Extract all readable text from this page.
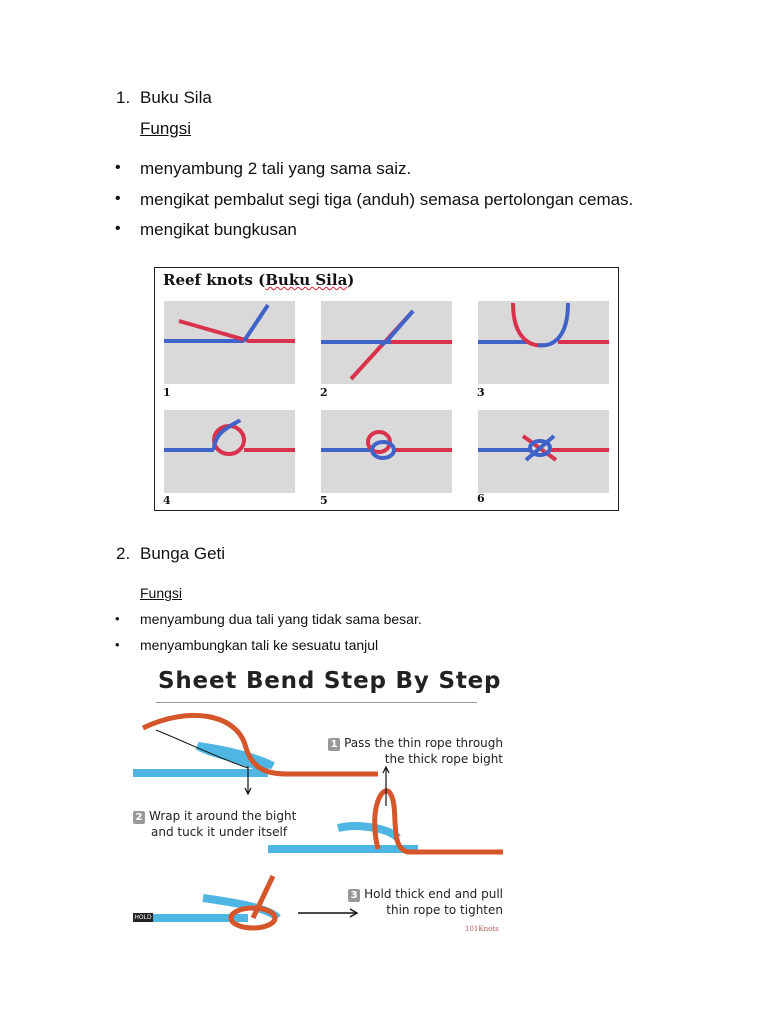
1. Buku Sila
Fungsi
• menyambung 2 tali yang sama saiz.
• mengikat pembalut segi tiga (anduh) semasa pertolongan cemas.
• mengikat bungkusan
Reef knots (Buku Sila)
1	2	3
4	5	6
2. Bunga Geti
Fungsi
• menyambung dua tali yang tidak sama besar.
• menyambungkan tali ke sesuatu tanjul
Sheet Bend Step By Step
HOLD
1 Pass the thin rope through
the thick rope bight
2 Wrap it around the bight
and tuck it under itself
3 Hold thick end and pull
thin rope to tighten
101Knots
